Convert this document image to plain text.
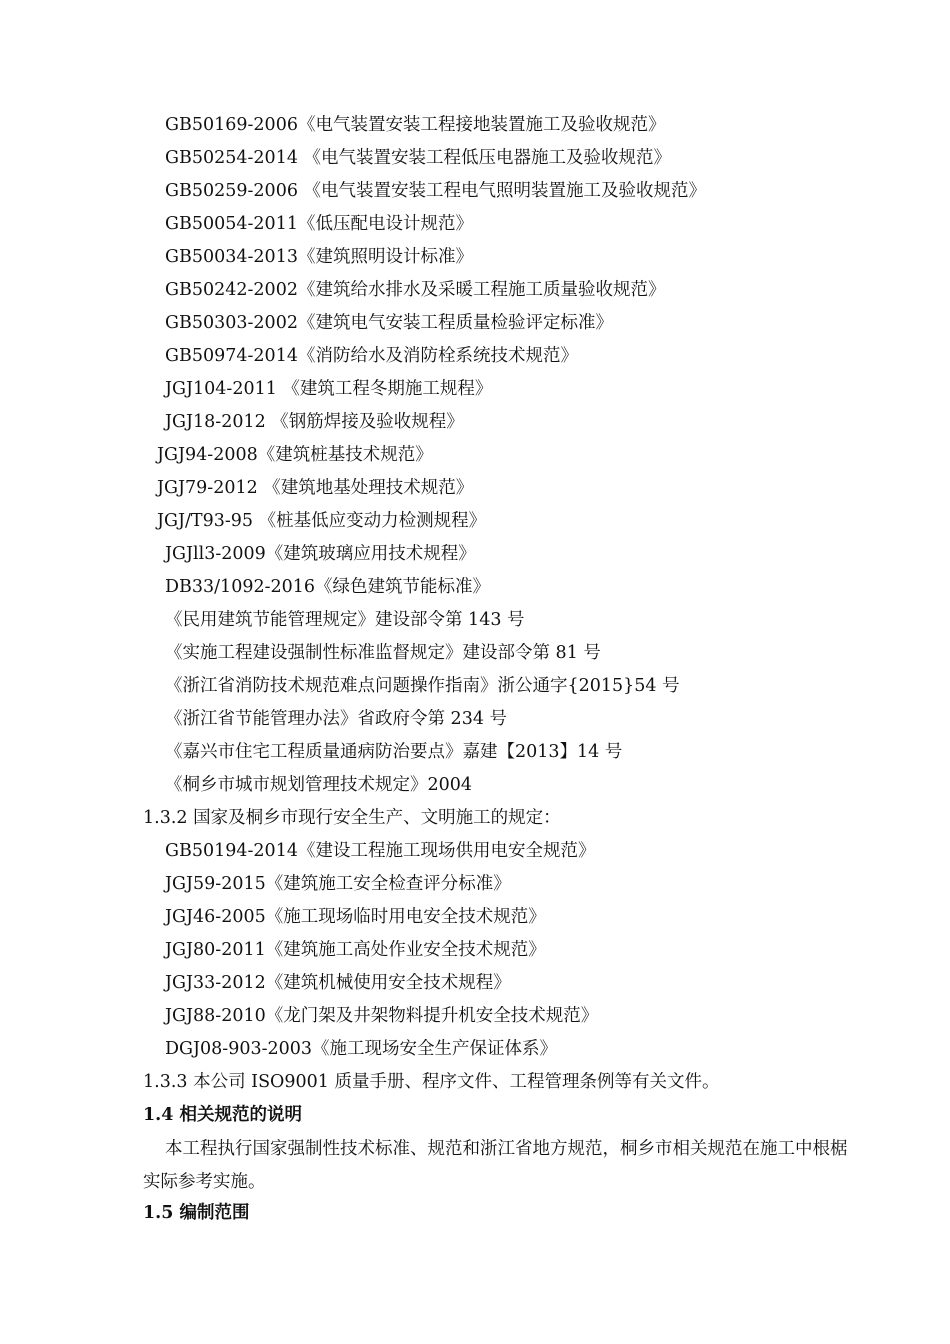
GB50169-2006《电气装置安装工程接地装置施工及验收规范》
GB50254-2014 《电气装置安装工程低压电器施工及验收规范》
GB50259-2006 《电气装置安装工程电气照明装置施工及验收规范》
GB50054-2011《低压配电设计规范》
GB50034-2013《建筑照明设计标准》
GB50242-2002《建筑给水排水及采暖工程施工质量验收规范》
GB50303-2002《建筑电气安装工程质量检验评定标准》
GB50974-2014《消防给水及消防栓系统技术规范》
JGJ104-2011 《建筑工程冬期施工规程》
JGJ18-2012 《钢筋焊接及验收规程》
JGJ94-2008《建筑桩基技术规范》
JGJ79-2012 《建筑地基处理技术规范》
JGJ/T93-95 《桩基低应变动力检测规程》
JGJll3-2009《建筑玻璃应用技术规程》
DB33/1092-2016《绿色建筑节能标准》
《民用建筑节能管理规定》建设部令第 143 号
《实施工程建设强制性标准监督规定》建设部令第 81 号
《浙江省消防技术规范难点问题操作指南》浙公通字{2015}54 号
《浙江省节能管理办法》省政府令第 234 号
《嘉兴市住宅工程质量通病防治要点》嘉建【2013】14 号
《桐乡市城市规划管理技术规定》2004
1.3.2 国家及桐乡市现行安全生产、文明施工的规定：
GB50194-2014《建设工程施工现场供用电安全规范》
JGJ59-2015《建筑施工安全检查评分标准》
JGJ46-2005《施工现场临时用电安全技术规范》
JGJ80-2011《建筑施工高处作业安全技术规范》
JGJ33-2012《建筑机械使用安全技术规程》
JGJ88-2010《龙门架及井架物料提升机安全技术规范》
DGJ08-903-2003《施工现场安全生产保证体系》
1.3.3 本公司 ISO9001 质量手册、程序文件、工程管理条例等有关文件。
1.4 相关规范的说明
本工程执行国家强制性技术标准、规范和浙江省地方规范，桐乡市相关规范在施工中根椐实际参考实施。
1.5 编制范围
